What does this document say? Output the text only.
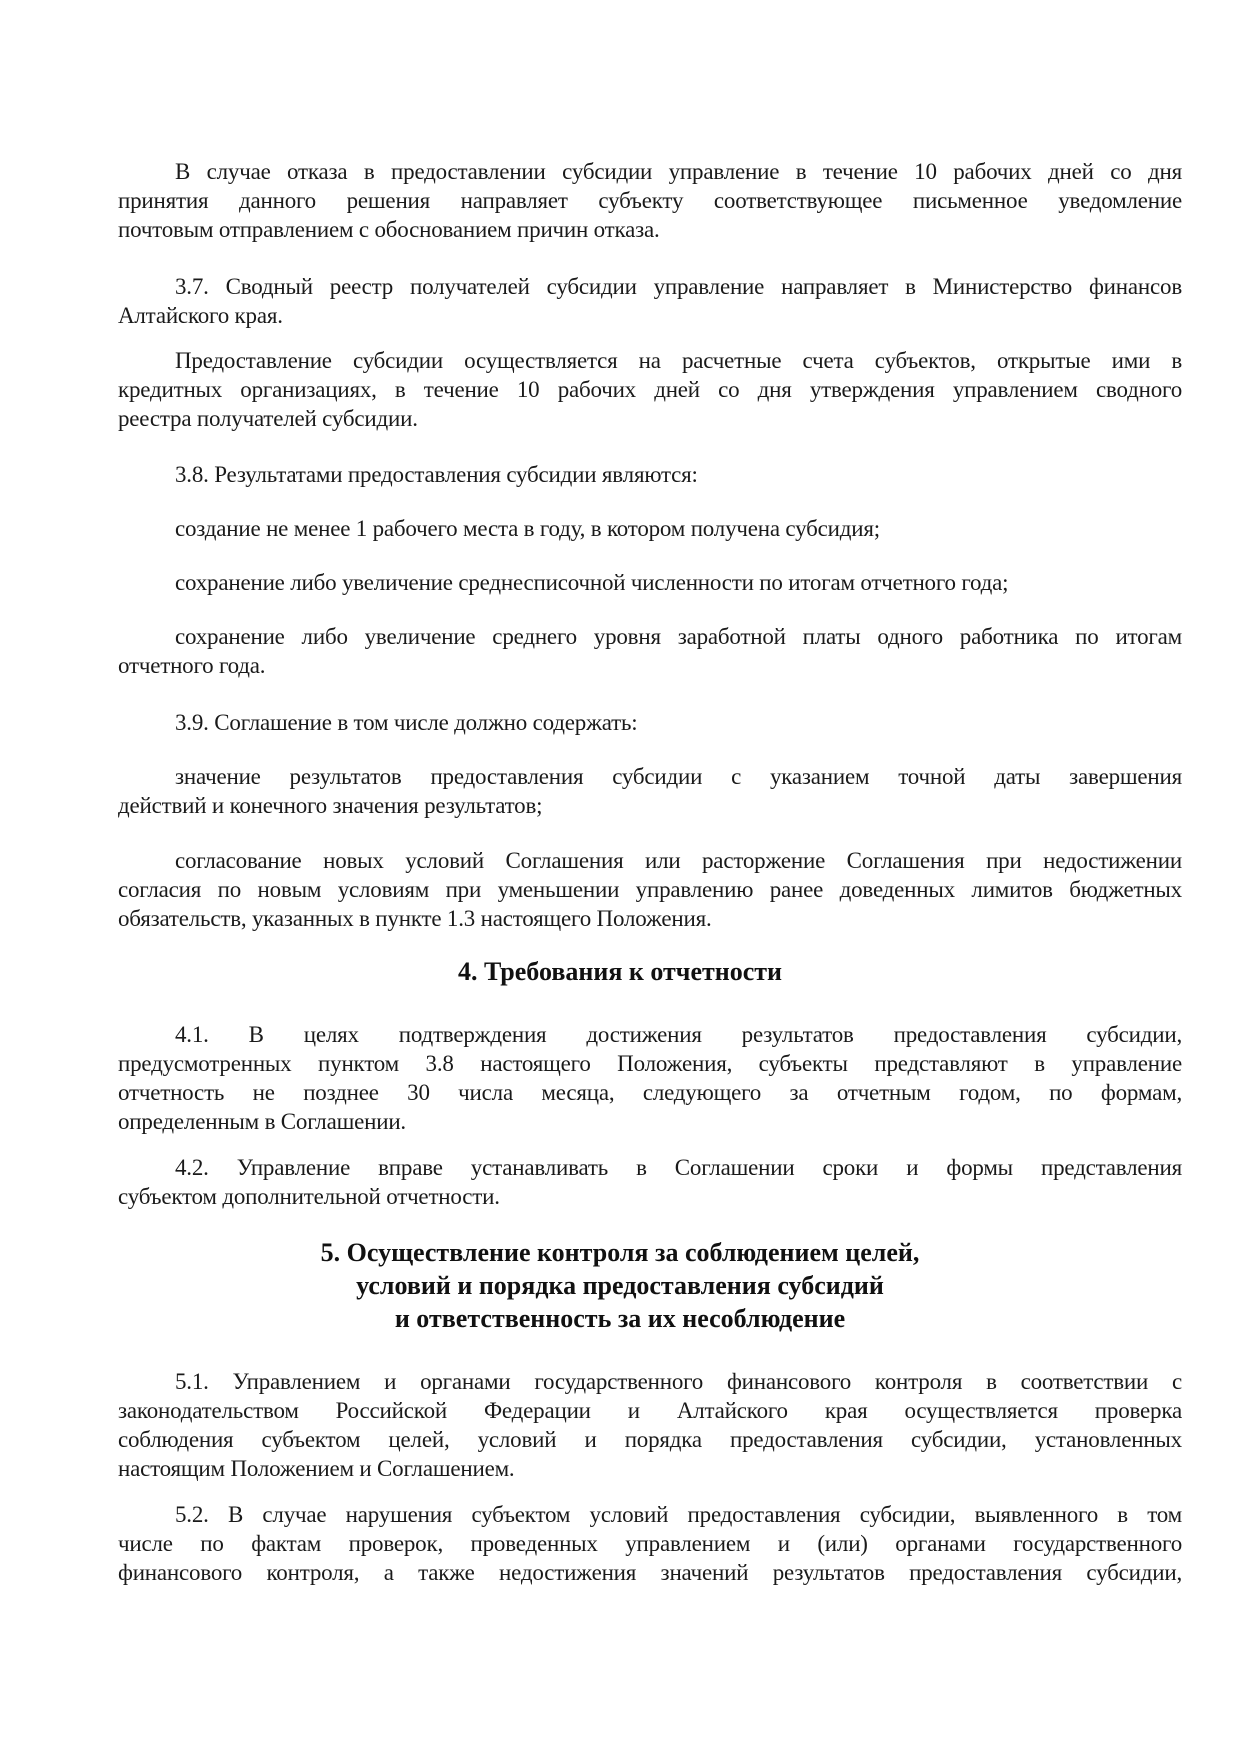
В случае отказа в предоставлении субсидии управление в течение 10 рабочих дней со дня
принятия данного решения направляет субъекту соответствующее письменное уведомление
почтовым отправлением с обоснованием причин отказа.
3.7. Сводный реестр получателей субсидии управление направляет в Министерство финансов
Алтайского края.
Предоставление субсидии осуществляется на расчетные счета субъектов, открытые ими в
кредитных организациях, в течение 10 рабочих дней со дня утверждения управлением сводного
реестра получателей субсидии.
3.8. Результатами предоставления субсидии являются:
создание не менее 1 рабочего места в году, в котором получена субсидия;
сохранение либо увеличение среднесписочной численности по итогам отчетного года;
сохранение либо увеличение среднего уровня заработной платы одного работника по итогам
отчетного года.
3.9. Соглашение в том числе должно содержать:
значение результатов предоставления субсидии с указанием точной даты завершения
действий и конечного значения результатов;
согласование новых условий Соглашения или расторжение Соглашения при недостижении
согласия по новым условиям при уменьшении управлению ранее доведенных лимитов бюджетных
обязательств, указанных в пункте 1.3 настоящего Положения.
4. Требования к отчетности
4.1. В целях подтверждения достижения результатов предоставления субсидии,
предусмотренных пунктом 3.8 настоящего Положения, субъекты представляют в управление
отчетность не позднее 30 числа месяца, следующего за отчетным годом, по формам,
определенным в Соглашении.
4.2. Управление вправе устанавливать в Соглашении сроки и формы представления
субъектом дополнительной отчетности.
5. Осуществление контроля за соблюдением целей,
условий и порядка предоставления субсидий
и ответственность за их несоблюдение
5.1. Управлением и органами государственного финансового контроля в соответствии с
законодательством Российской Федерации и Алтайского края осуществляется проверка
соблюдения субъектом целей, условий и порядка предоставления субсидии, установленных
настоящим Положением и Соглашением.
5.2. В случае нарушения субъектом условий предоставления субсидии, выявленного в том
числе по фактам проверок, проведенных управлением и (или) органами государственного
финансового контроля, а также недостижения значений результатов предоставления субсидии,
